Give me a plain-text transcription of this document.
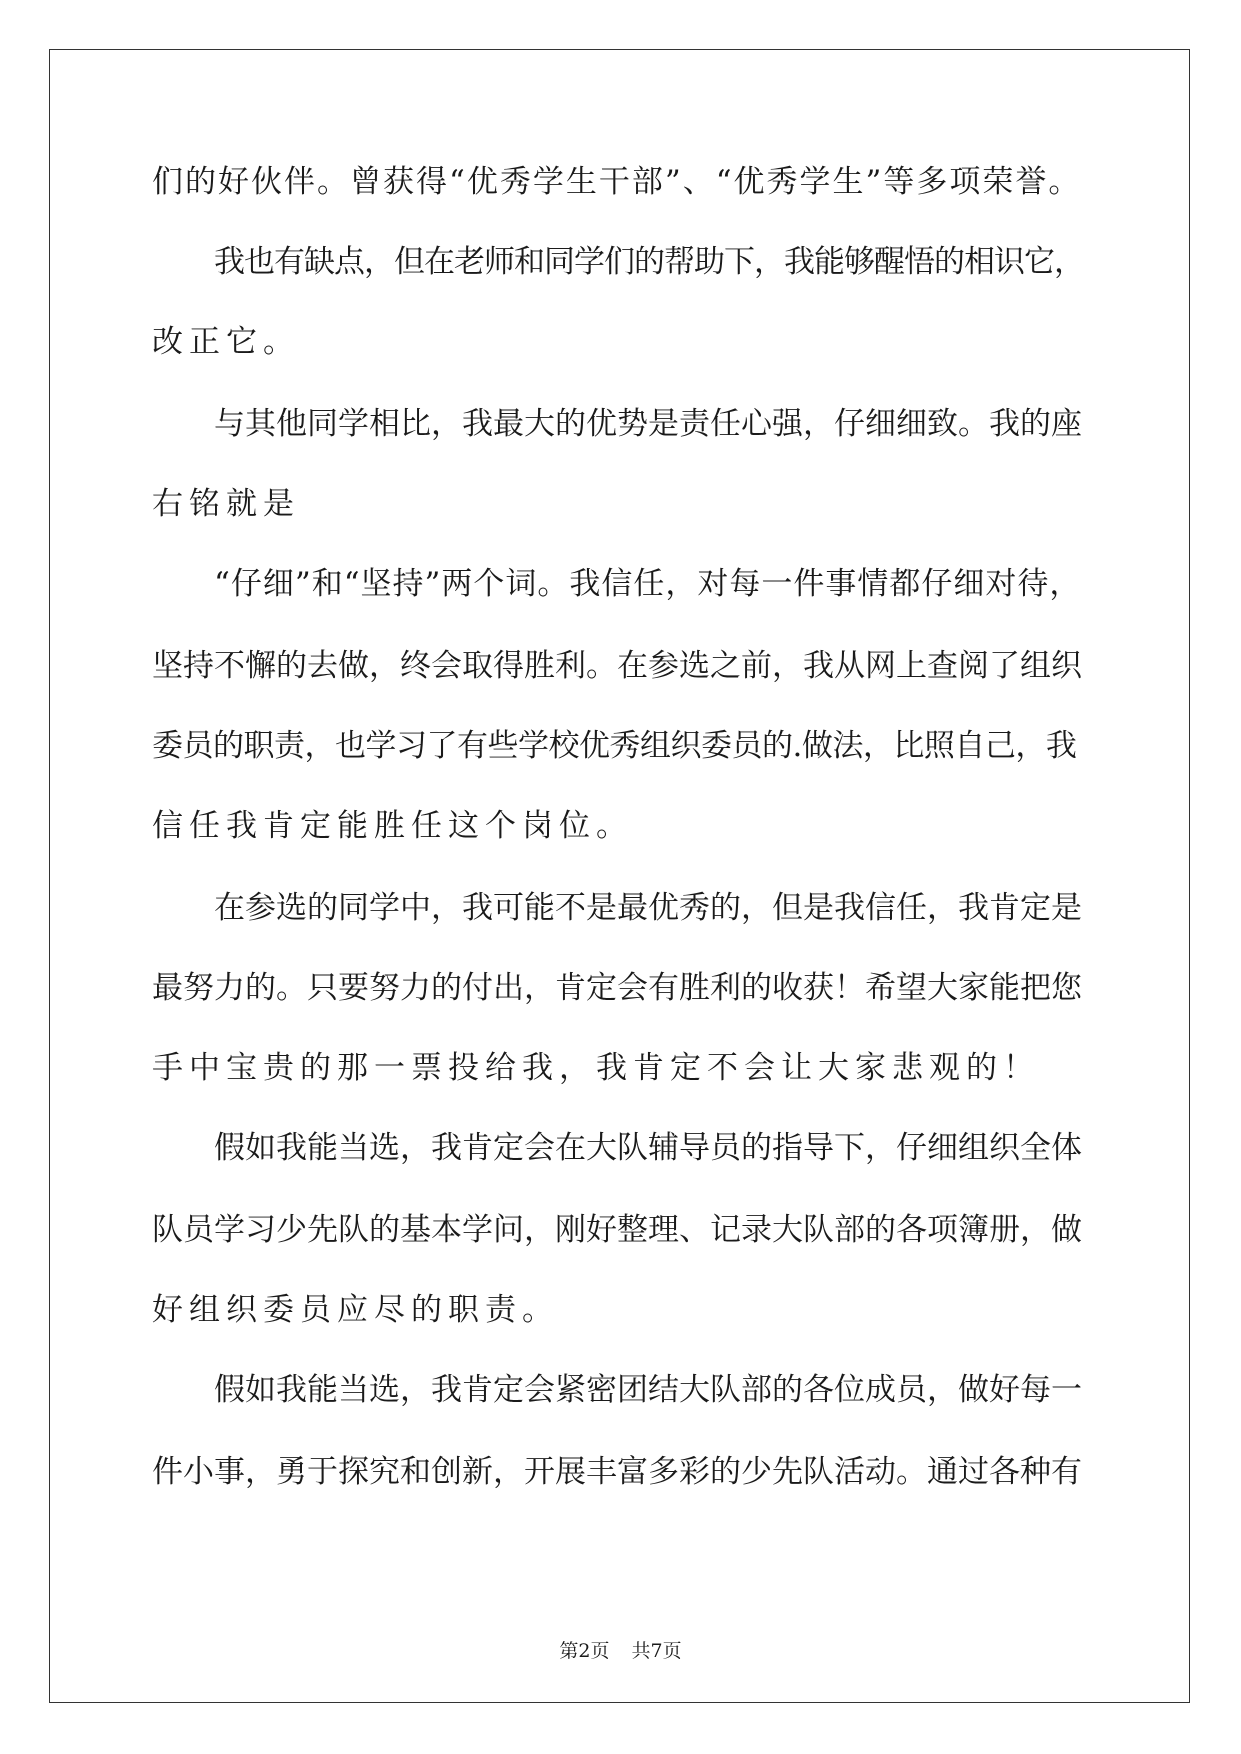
们的好伙伴。曾获得“优秀学生干部”、“优秀学生”等多项荣誉。
我也有缺点，但在老师和同学们的帮助下，我能够醒悟的相识它，
改正它。
与其他同学相比，我最大的优势是责任心强，仔细细致。我的座
右铭就是
“仔细”和“坚持”两个词。我信任，对每一件事情都仔细对待，
坚持不懈的去做，终会取得胜利。在参选之前，我从网上查阅了组织
委员的职责，也学习了有些学校优秀组织委员的.做法，比照自己，我
信任我肯定能胜任这个岗位。
在参选的同学中，我可能不是最优秀的，但是我信任，我肯定是
最努力的。只要努力的付出，肯定会有胜利的收获！希望大家能把您
手中宝贵的那一票投给我，我肯定不会让大家悲观的！
假如我能当选，我肯定会在大队辅导员的指导下，仔细组织全体
队员学习少先队的基本学问，刚好整理、记录大队部的各项簿册，做
好组织委员应尽的职责。
假如我能当选，我肯定会紧密团结大队部的各位成员，做好每一
件小事，勇于探究和创新，开展丰富多彩的少先队活动。通过各种有
第2页 共7页
